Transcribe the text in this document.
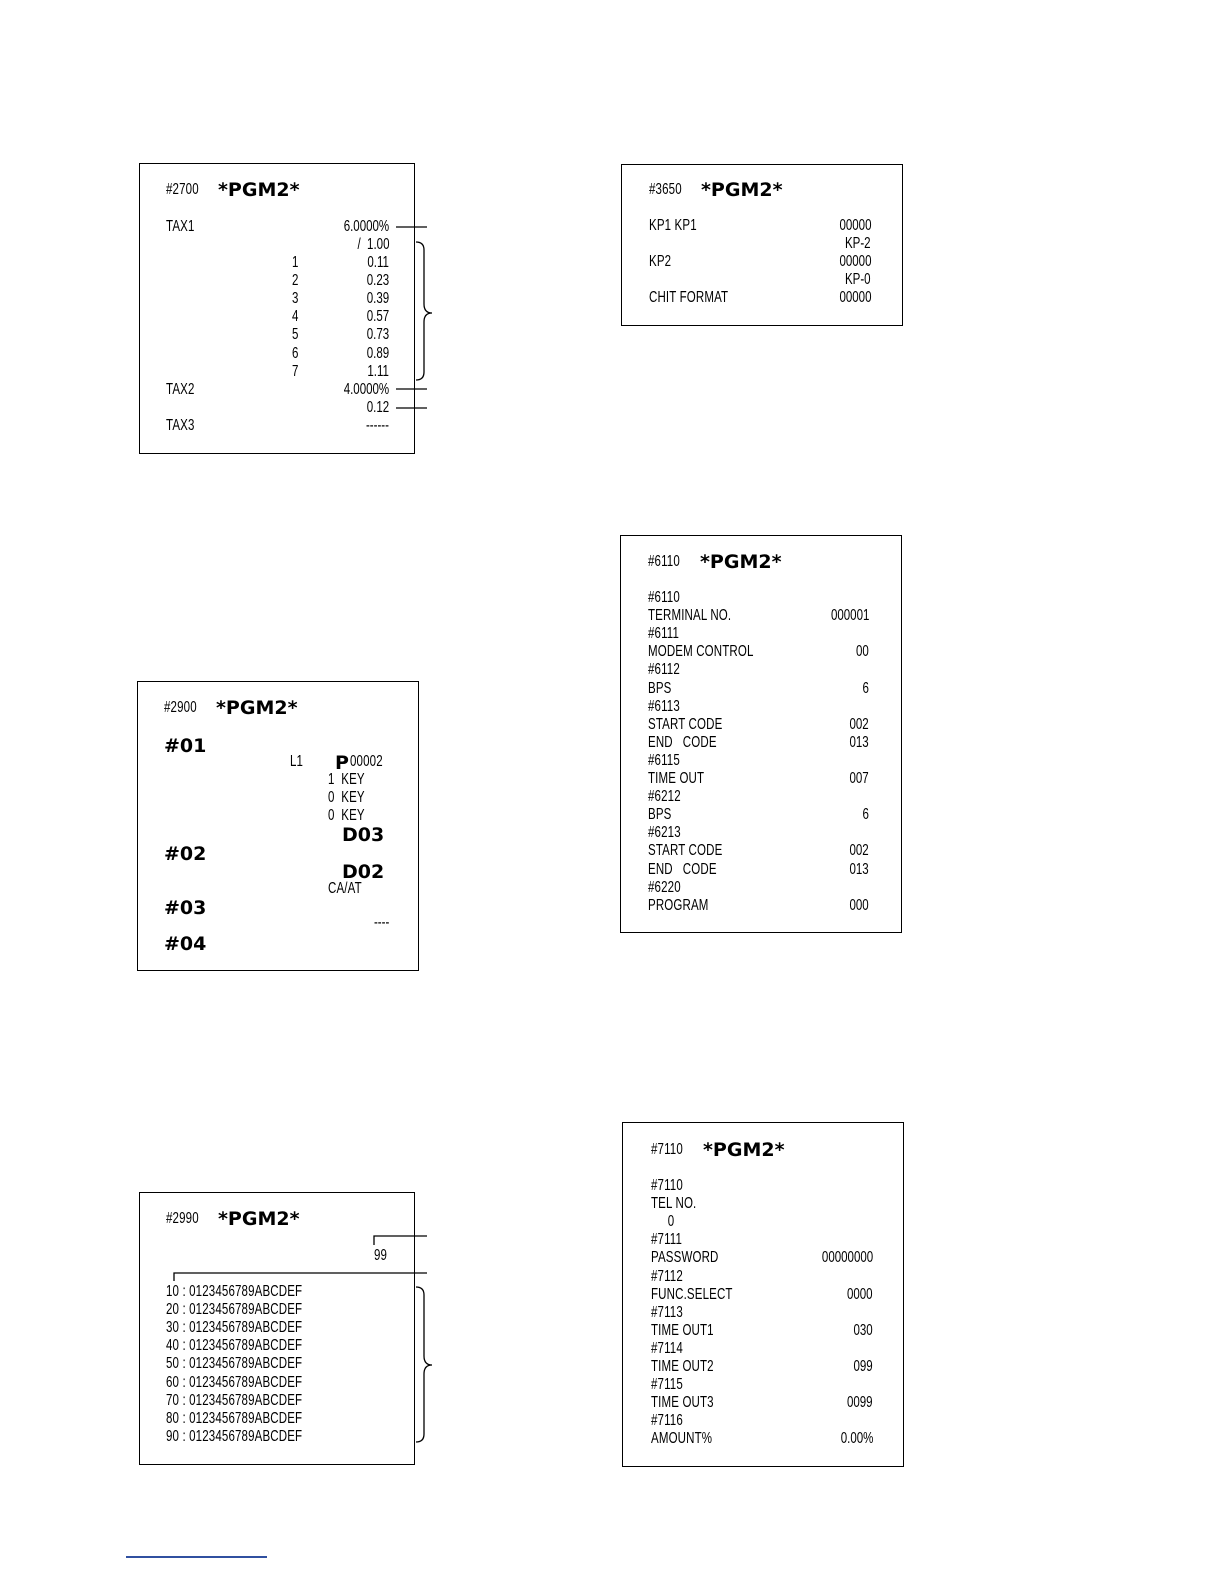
#2700 *PGM2*
TAX1	6.0000%
/  1.00
TAX2	4.0000%
0.12
TAX3	------
#2900 *PGM2*
#01
L1 P 00002
1  KEY
0  KEY
0  KEY
D03
#02
D02
CA/AT
#03
----
#04
#2990 *PGM2*
99
#3650 *PGM2*
#6110 *PGM2*
#7110 *PGM2*
1	0.11
2	0.23
3	0.39
4	0.57
5	0.73
6	0.89
7	1.11
10 : 0123456789ABCDEF
20 : 0123456789ABCDEF
30 : 0123456789ABCDEF
40 : 0123456789ABCDEF
50 : 0123456789ABCDEF
60 : 0123456789ABCDEF
70 : 0123456789ABCDEF
80 : 0123456789ABCDEF
90 : 0123456789ABCDEF
KP1 KP1	00000
KP-2
KP2	00000
KP-0
CHIT FORMAT	00000
#6110
TERMINAL NO.	000001
#6111
MODEM CONTROL	00
#6112
BPS	6
#6113
START CODE	002
END   CODE	013
#6115
TIME OUT	007
#6212
BPS	6
#6213
START CODE	002
END   CODE	013
#6220
PROGRAM	000
#7110
TEL NO.
0
#7111
PASSWORD	00000000
#7112
FUNC.SELECT	0000
#7113
TIME OUT1	030
#7114
TIME OUT2	099
#7115
TIME OUT3	0099
#7116
AMOUNT%	0.00%
